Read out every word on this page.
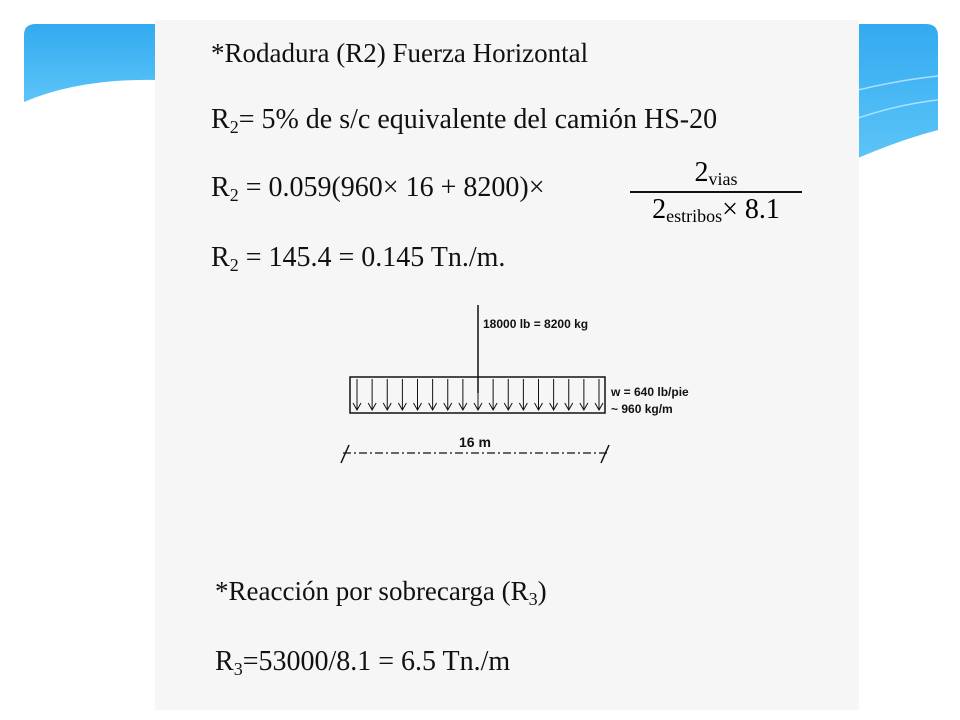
*Rodadura (R2) Fuerza Horizontal
R2= 5% de s/c equivalente del camión HS-20
R2 = 0.059(960× 16 + 8200)×	2vias
2estribos× 8.1
R2 = 145.4 = 0.145 Tn./m.
18000 lb = 8200 kg
w = 640 lb/pie
~ 960 kg/m
16 m
*Reacción por sobrecarga (R3)
R3=53000/8.1 = 6.5 Tn./m
